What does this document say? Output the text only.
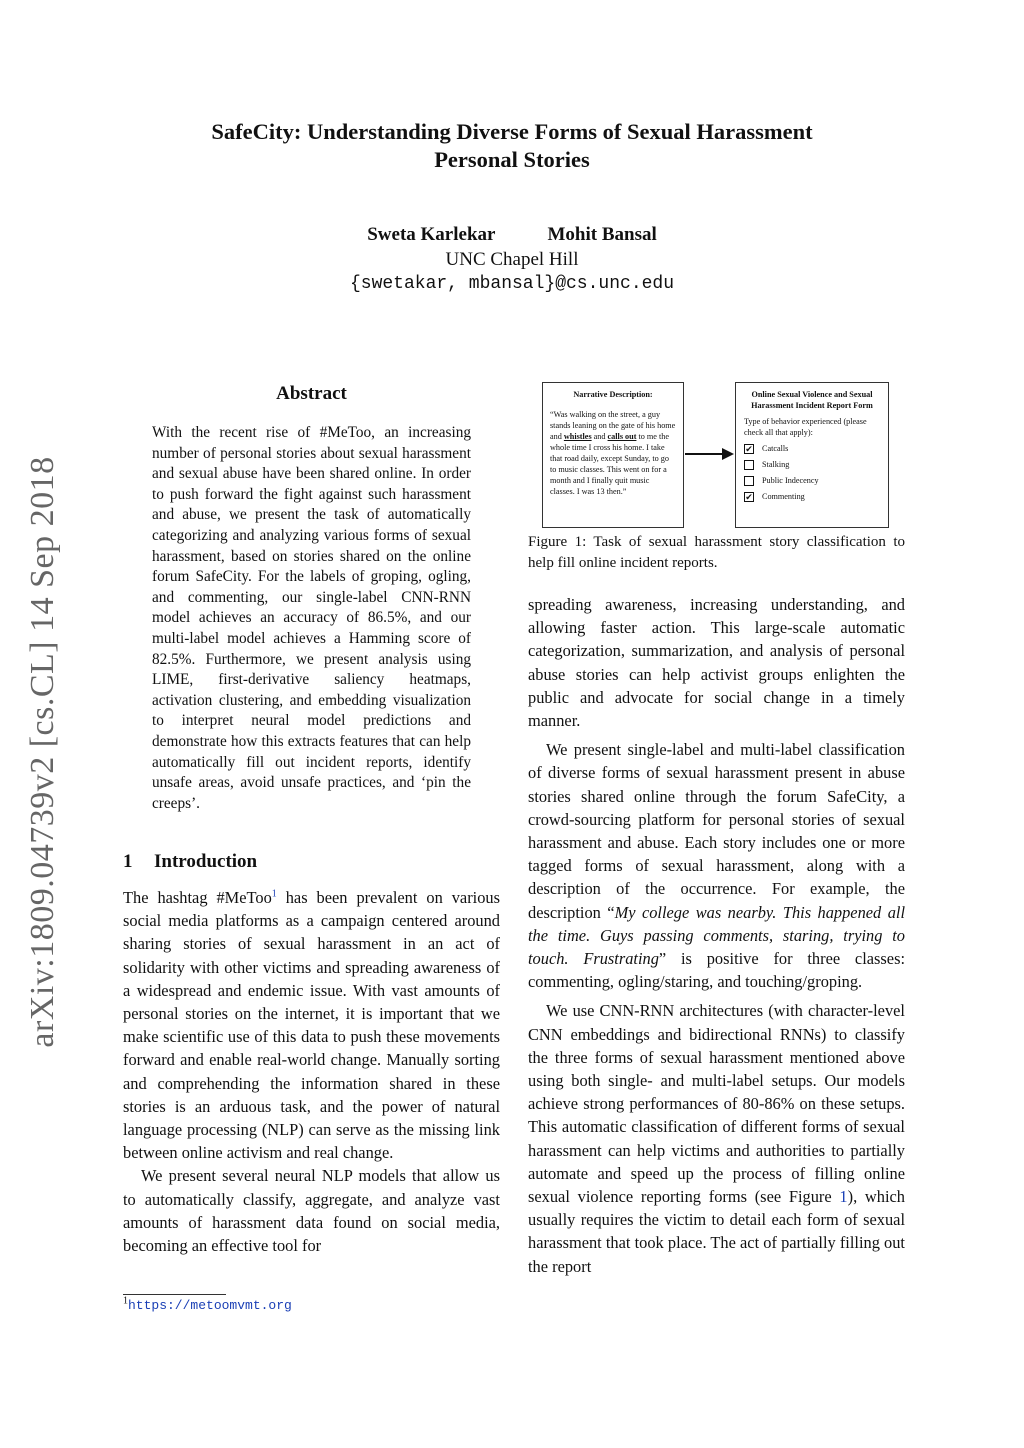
SafeCity: Understanding Diverse Forms of Sexual Harassment
Personal Stories
Sweta Karlekar	Mohit Bansal
UNC Chapel Hill
{swetakar, mbansal}@cs.unc.edu
arXiv:1809.04739v2 [cs.CL] 14 Sep 2018
Abstract

With the recent rise of #MeToo, an increasing number of personal stories about sexual harassment and sexual abuse have been shared online. In order to push forward the fight against such harassment and abuse, we present the task of automatically categorizing and analyzing various forms of sexual harassment, based on stories shared on the online forum SafeCity. For the labels of groping, ogling, and commenting, our single-label CNN-RNN model achieves an accuracy of 86.5%, and our multi-label model achieves a Hamming score of 82.5%. Furthermore, we present analysis using LIME, first-derivative saliency heatmaps, activation clustering, and embedding visualization to interpret neural model predictions and demonstrate how this extracts features that can help automatically fill out incident reports, identify unsafe areas, avoid unsafe practices, and ‘pin the creeps’.

1 Introduction

The hashtag #MeToo$^1$ has been prevalent on various social media platforms as a campaign centered around sharing stories of sexual harassment in an act of solidarity with other victims and spreading awareness of a widespread and endemic issue. With vast amounts of personal stories on the internet, it is important that we make scientific use of this data to push these movements forward and enable real-world change. Manually sorting and comprehending the information shared in these stories is an arduous task, and the power of natural language processing (NLP) can serve as the missing link between online activism and real change.

We present several neural NLP models that allow us to automatically classify, aggregate, and analyze vast amounts of harassment data found on social media, becoming an effective tool for

$^1$https://metoomvmt.org
Narrative Description:
“Was walking on the street, a guy stands leaning on the gate of his home and whistles and calls out to me the whole time I cross his home. I take that road daily, except Sunday, to go to music classes. This went on for a month and I finally quit music classes. I was 13 then.”
Online Sexual Violence and Sexual Harassment Incident Report Form
Type of behavior experienced (please check all that apply):
✔ Catcalls
Stalking
Public Indecency
✔ Commenting
Figure 1: Task of sexual harassment story classification to help fill online incident reports.

spreading awareness, increasing understanding, and allowing faster action. This large-scale automatic categorization, summarization, and analysis of personal abuse stories can help activist groups enlighten the public and advocate for social change in a timely manner.

We present single-label and multi-label classification of diverse forms of sexual harassment present in abuse stories shared online through the forum SafeCity, a crowd-sourcing platform for personal stories of sexual harassment and abuse. Each story includes one or more tagged forms of sexual harassment, along with a description of the occurrence. For example, the description “My college was nearby. This happened all the time. Guys passing comments, staring, trying to touch. Frustrating” is positive for three classes: commenting, ogling/staring, and touching/groping.

We use CNN-RNN architectures (with character-level CNN embeddings and bidirectional RNNs) to classify the three forms of sexual harassment mentioned above using both single- and multi-label setups. Our models achieve strong performances of 80-86% on these setups. This automatic classification of different forms of sexual harassment can help victims and authorities to partially automate and speed up the process of filling online sexual violence reporting forms (see Figure 1), which usually requires the victim to detail each form of sexual harassment that took place. The act of partially filling out the report
